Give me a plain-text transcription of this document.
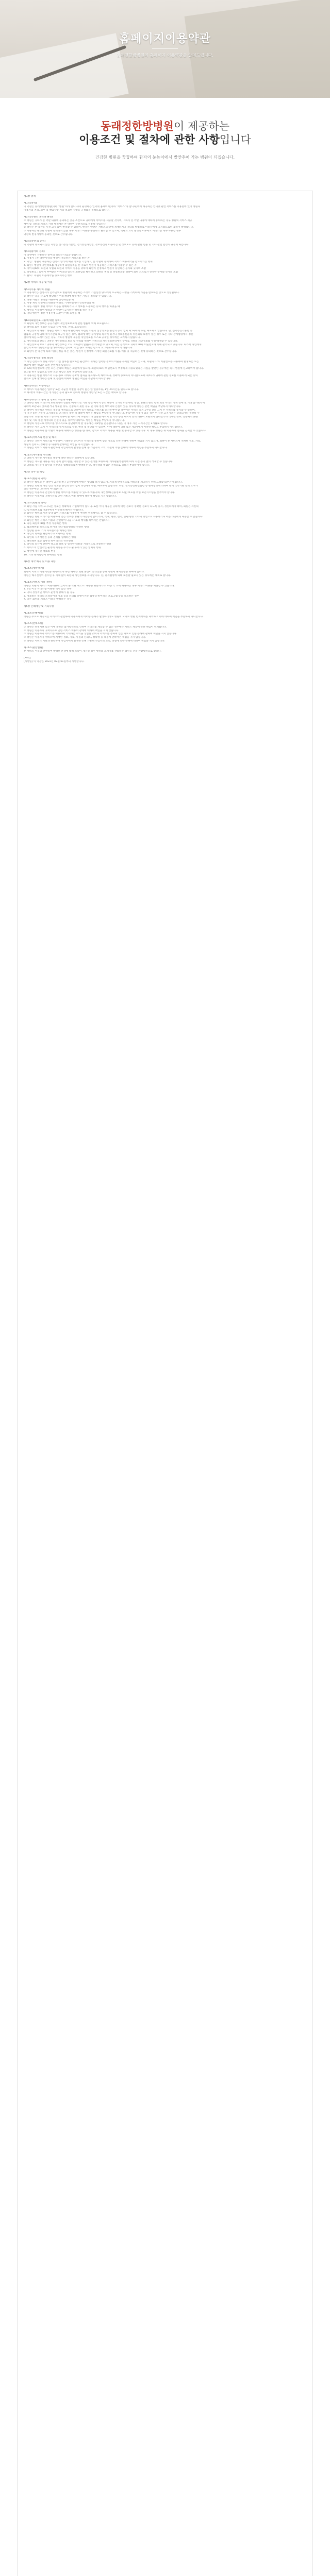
홈페이지이용약관
동래전한방병원의 홈페이지 이용약관을 알려드립니다.
동래정한방병원이 제공하는
이용조건 및 절차에 관한 사항입니다
건강한 병원을 꿈꿉하여 환자의 눈높이에서 발맞추어 가는 병원이 되겠습니다.
제1장 총칙
제1조(목적)
이 약관은 동래정한방병원(이하 "병원"이라 합니다)이 운영하는 인터넷 홈페이지(이하 "서비스"라 합니다)에서 제공하는 인터넷 관련 서비스를 이용함에 있어 병원과
이용자의 권리, 의무 및 책임사항 기타 필요한 사항을 규정함을 목적으로 합니다.
제2조(약관의 효력과 변경)
① 병원은 귀하가 본 약관 내용에 동의하는 것을 조건으로 귀하에게 서비스를 제공할 것이며, 귀하가 본 약관 내용에 대하여 동의하는 경우 병원의 서비스 제공
행위 및 귀하의 서비스 사용 행위에는 본 약관이 우선적으로 적용될 것입니다.
② 병원은 본 약관을 사전 고지 없이 변경할 수 있으며, 변경된 약관은 서비스 화면에 게재하거나 기타의 방법으로 이용자에게 공지함으로써 효력이 발생합니다.
③ 이용자는 변경된 약관에 동의하지 않을 경우 서비스 이용을 중단하고 탈퇴할 수 있으며, 약관의 효력 발생일 이후에도 서비스를 계속 사용할 경우
약관의 변경사항에 동의한 것으로 간주됩니다.
제3조(약관 외 준칙)
이 약관에 명시되지 않은 사항은 전기통신기본법, 전기통신사업법, 정보통신망 이용촉진 및 정보보호 등에 관한 법률 및 기타 관련 법령의 규정에 따릅니다.
제4조(용어의 정의)
이 약관에서 사용하는 용어의 정의는 다음과 같습니다.
1. 이용자 : 본 약관에 따라 병원이 제공하는 서비스를 받는 자
2. 가입 : 병원이 제공하는 신청서 양식에 해당 정보를 기입하고, 본 약관에 동의하여 서비스 이용계약을 완료시키는 행위
3. 회원 : 병원에 개인정보를 제공하여 회원등록을 한 자로서 병원이 제공하는 서비스를 이용할 수 있는 자
4. 아이디(ID) : 회원의 식별과 회원의 서비스 이용을 위하여 회원이 선정하고 병원이 승인하는 문자와 숫자의 조합
5. 비밀번호 : 회원이 부여받은 아이디와 일치된 회원임을 확인하고 회원의 권익 및 비밀보호를 위하여 회원 스스로가 선정한 문자와 숫자의 조합
6. 탈퇴 : 회원이 이용계약을 종료시키는 행위
제2장 서비스 제공 및 이용
제5조(이용 계약의 성립)
① 이용계약은 신청자가 온라인으로 병원에서 제공하는 소정의 가입신청 양식에서 요구하는 사항을 기록하여 가입을 완료하는 것으로 성립됩니다.
② 병원은 다음 각 호에 해당하는 이용계약에 대하여는 가입을 취소할 수 있습니다.
1. 다른 사람의 명의를 사용하여 신청하였을 때
2. 이용 계약 신청서의 내용을 허위로 기재하였거나 신청하였을 때
3. 다른 사람의 병원 서비스 이용을 방해하거나 그 정보를 도용하는 등의 행위를 하였을 때
4. 병원을 이용하여 법령과 본 약관이 금지하는 행위를 하는 경우
5. 기타 병원이 정한 이용신청 요건이 미비 되었을 때
제6조(회원정보 사용에 대한 동의)
① 회원의 개인정보는 공공기관의 개인정보보호에 관한 법률에 의해 보호됩니다.
② 병원의 회원 정보는 다음과 같이 사용, 관리, 보호됩니다.
1. 개인정보의 사용 : 병원은 서비스 제공과 관련해서 수집된 회원의 신상정보를 본인의 승낙 없이 제3자에게 누설, 배포하지 않습니다. 단, 전기통신기본법 등
법률의 규정에 의해 국가기관의 요구가 있는 경우, 범죄에 대한 수사상의 목적이 있거나 정보통신윤리 위원회의 요청이 있는 경우 또는 기타 관계법령에서 정한
절차에 따른 요청이 있는 경우, 귀하가 병원에 제공한 개인정보를 스스로 공개한 경우에는 그러하지 않습니다.
2. 개인정보의 관리 : 귀하는 개인정보의 보호 및 관리를 위하여 서비스의 개인정보관리에서 수시로 귀하의 개인정보를 수정/삭제할 수 있습니다.
3. 개인정보의 보호 : 귀하의 개인정보는 오직 귀하만이 열람/수정/삭제할 수 있으며, 이는 전적으로 귀하의 ID와 비밀번호에 의해 관리되고 있습니다. 따라서 타인에게
본인의 ID와 비밀번호를 알려주어서는 안되며, 작업 종료 시에는 반드시 로그아웃 해 주시기 바랍니다.
③ 회원이 본 약관에 따라 이용신청을 하는 것은, 병원이 신청서에 기재된 회원정보를 수집, 이용 및 제공하는 것에 동의하는 것으로 간주됩니다.
제7조(사용자의 정보 보안)
① 가입 신청자가 병원 서비스 가입 절차를 완료하는 순간부터 귀하는 입력한 정보의 비밀을 유지할 책임이 있으며, 회원의 ID와 비밀번호를 사용하여 발생하는 모든
결과에 대한 책임은 회원 본인에게 있습니다.
② ID와 비밀번호에 관한 모든 관리의 책임은 회원에게 있으며, 회원의 ID나 비밀번호가 부정하게 사용되었다는 사실을 발견한 경우에는 즉시 병원에 신고하여야 합니다.
신고를 하지 않음으로 인한 모든 책임은 회원 본인에게 있습니다.
③ 이용자는 병원 서비스의 사용 종료 시마다 정확히 접속을 종료하도록 해야 하며, 정확히 종료하지 아니함으로써 제3자가 귀하에 관한 정보를 이용하게 되는 등의
결과로 인해 발생하는 손해 및 손실에 대하여 병원은 책임을 부담하지 아니합니다.
제8조(서비스 이용시간)
① 서비스 이용시간은 업무상 또는 기술상 특별한 지장이 없는 한 연중무휴, 1일 24시간을 원칙으로 합니다.
② 제1항의 이용시간은 정기점검 등의 필요로 인하여 병원이 정한 날 또는 시간은 예외로 합니다.
제9조(서비스의 중지 및 정보의 저장과 사용)
① 귀하는 병원 서비스에 보관되거나 전달된 메시지 및 기타 통신 메시지 등의 내용이 국가의 비상사태, 정전, 병원의 관리 범위 외의 서비스 설비 장애 및 기타 불가항력에
의하여 보관되지 못하였거나 삭제된 경우, 전송되지 못한 경우 및 기타 통신 데이터의 손실이 있을 경우에 병원은 관련 책임을 부담하지 아니합니다.
② 병원이 정상적인 서비스 제공의 어려움으로 인하여 일시적으로 서비스를 중지하여야 할 경우에는 서비스 중지 1주일 전의 고지 후 서비스를 중지할 수 있으며,
이 기간 동안 귀하가 고지내용을 인지하지 못한 데 대하여 병원은 책임을 부담하지 아니합니다. 부득이한 사정이 있을 경우 위 사전 고지기간은 감축되거나 생략될 수
있습니다. 또한 위 서비스 중지에 의하여 본 서비스에 보관되거나 전달된 메시지 및 기타 통신 메시지 등의 내용이 보관되지 못하였거나 삭제된 경우, 전송되지 못한
경우 및 기타 통신 데이터의 손실이 있을 경우에 대하여도 병원은 책임을 부담하지 아니합니다.
③ 병원의 사정으로 서비스를 영구적으로 중단하여야 할 경우에는 제2항을 준용합니다. 다만, 이 경우 사전 고지기간은 1개월로 합니다.
④ 병원은 사전 고지 후 서비스를 일시적으로 수정, 변경 및 중단할 수 있으며, 이에 대하여 귀하 또는 제3자에게 어떠한 책임도 부담하지 아니합니다.
⑤ 병원은 이용자가 본 약관의 내용에 위배되는 행동을 한 경우, 임의로 서비스 사용을 제한 및 중지할 수 있습니다. 이 경우 병원은 위 이용자의 접속을 금지할 수 있습니다.
제10조(서비스의 변경 및 해지)
① 병원은 귀하가 서비스를 이용하여 기대하는 손익이나 서비스를 통하여 얻은 자료로 인한 손해에 관하여 책임을 지지 않으며, 회원이 본 서비스에 게재한 정보, 자료,
사실의 신뢰도, 정확성 등 내용에 관하여는 책임을 지지 않습니다.
② 병원은 서비스 이용과 관련하여 가입자에게 발생한 손해 중 가입자의 고의, 과실에 의한 손해에 대하여 책임을 부담하지 아니합니다.
제11조(게시물의 저작권)
① 귀하가 게시한 게시물의 내용에 대한 권리는 귀하에게 있습니다.
② 병원은 게시된 내용을 사전 통지 없이 편집, 이동할 수 있는 권리를 보유하며, 게시판운영원칙에 따라 사전 통지 없이 삭제할 수 있습니다.
③ 귀하의 게시물이 타인의 저작권을 침해함으로써 발생하는 민, 형사상의 책임은 전적으로 귀하가 부담하여야 합니다.
제3장 의무 및 책임
제12조(병원의 의무)
① 병원은 법령과 본 약관이 금지하거나 공서양속에 반하는 행위를 하지 않으며, 지속적·안정적으로 서비스를 제공하기 위해 노력할 의무가 있습니다.
② 병원은 회원의 개인 신상 정보를 본인의 승낙 없이 타인에게 누설, 배포하지 않습니다. 다만, 전기통신관련법령 등 관계법령에 의하여 관계 국가기관 등의 요구가
있는 경우에는 그러하지 아니합니다.
③ 병원은 이용자가 안전하게 병원 서비스를 이용할 수 있도록 이용자의 개인정보(신용정보 포함) 보호를 위한 보안시스템을 갖추어야 합니다.
④ 병원은 이용자의 귀책사유로 인한 서비스 이용 장애에 대하여 책임을 지지 않습니다.
제13조(회원의 의무)
① 회원 가입 시에 요구되는 정보는 정확하게 기입하여야 합니다. 또한 이미 제공된 귀하에 대한 정보가 정확한 정보가 되도록 유지, 갱신하여야 하며, 회원은 자신의
ID 및 비밀번호를 제3자에게 이용하게 해서는 안됩니다.
② 회원은 병원의 사전 승낙 없이 서비스를 이용하여 어떠한 영리행위도 할 수 없습니다.
③ 회원은 병원 서비스를 이용하여 얻은 정보를 병원의 사전승낙 없이 복사, 복제, 변경, 번역, 출판·방송 기타의 방법으로 사용하거나 이를 타인에게 제공할 수 없습니다.
④ 회원은 병원 서비스 이용과 관련하여 다음 각 호의 행위를 하여서는 안됩니다.
1. 다른 회원의 ID를 부정 사용하는 행위
2. 범죄행위를 목적으로 하거나 기타 범죄행위와 관련된 행위
3. 선량한 풍속, 기타 사회질서를 해하는 행위
4. 타인의 명예를 훼손하거나 모욕하는 행위
5. 타인의 지적재산권 등의 권리를 침해하는 행위
6. 해킹행위 또는 컴퓨터 바이러스의 유포행위
7. 타인의 의사에 반하여 광고성 정보 등 일정한 내용을 지속적으로 전송하는 행위
8. 서비스의 안전적인 운영에 지장을 주거나 줄 우려가 있는 일체의 행위
9. 병원에 게시된 정보의 변경
10. 기타 관계법령에 위배되는 행위
제4장 계약 해지 및 이용 제한
제14조(계약 해지)
회원이 서비스 이용계약을 해지하고자 하는 때에는 회원 본인이 온라인을 통해 병원에 해지신청을 하여야 합니다.
병원은 해지신청이 접수된 후 지체 없이 회원의 개인정보를 파기합니다. 단, 관계법령에 의해 보존할 필요가 있는 경우에는 예외로 합니다.
제15조(서비스 이용 제한)
병원은 회원이 서비스 이용내용에 있어서 본 약관 제13조 내용을 위반하거나, 다음 각 호에 해당하는 경우 서비스 이용을 제한할 수 있습니다.
1. 2년 이상 서비스를 이용한 적이 없는 경우
2. 기타 정상적인 서비스 운영에 방해가 될 경우
3. 정보통신 설비의 오작동이나 정보 등의 파괴를 유발시키는 컴퓨터 바이러스 프로그램 등을 유포하는 경우
4. 다른 회원의 서비스 이용을 방해하는 경우
제5장 손해배상 및 기타사항
제16조(손해배상)
병원은 무료로 제공되는 서비스와 관련하여 이용자에게 어떠한 손해가 발생하더라도 병원이 고의로 행한 범죄행위를 제외하고 이에 대하여 책임을 부담하지 아니합니다.
제17조(면책조항)
① 병원은 천재지변 또는 이에 준하는 불가항력으로 인하여 서비스를 제공할 수 없는 경우에는 서비스 제공에 관한 책임이 면제됩니다.
② 병원은 이용자의 귀책사유로 인한 서비스 이용의 장애에 대하여 책임을 지지 않습니다.
③ 병원은 이용자가 서비스를 이용하여 기대하는 수익을 상실한 것이나 서비스를 통하여 얻은 자료로 인한 손해에 관하여 책임을 지지 않습니다.
④ 병원은 이용자가 서비스에 게재한 정보, 자료, 사실의 신뢰도, 정확성 등 내용에 관하여는 책임을 지지 않습니다.
⑤ 병원은 서비스 이용과 관련하여 가입자에게 발생한 손해 가운데 가입자의 고의, 과실에 의한 손해에 대하여 책임을 지지 않습니다.
제18조(관할법원)
본 서비스 이용과 관련하여 발생한 분쟁에 대해 소송이 제기될 경우 병원의 소재지를 관할하는 법원을 전속 관할법원으로 합니다.
[부칙]
(시행일) 이 약관은 2022년 09월 01일부터 시행합니다.
